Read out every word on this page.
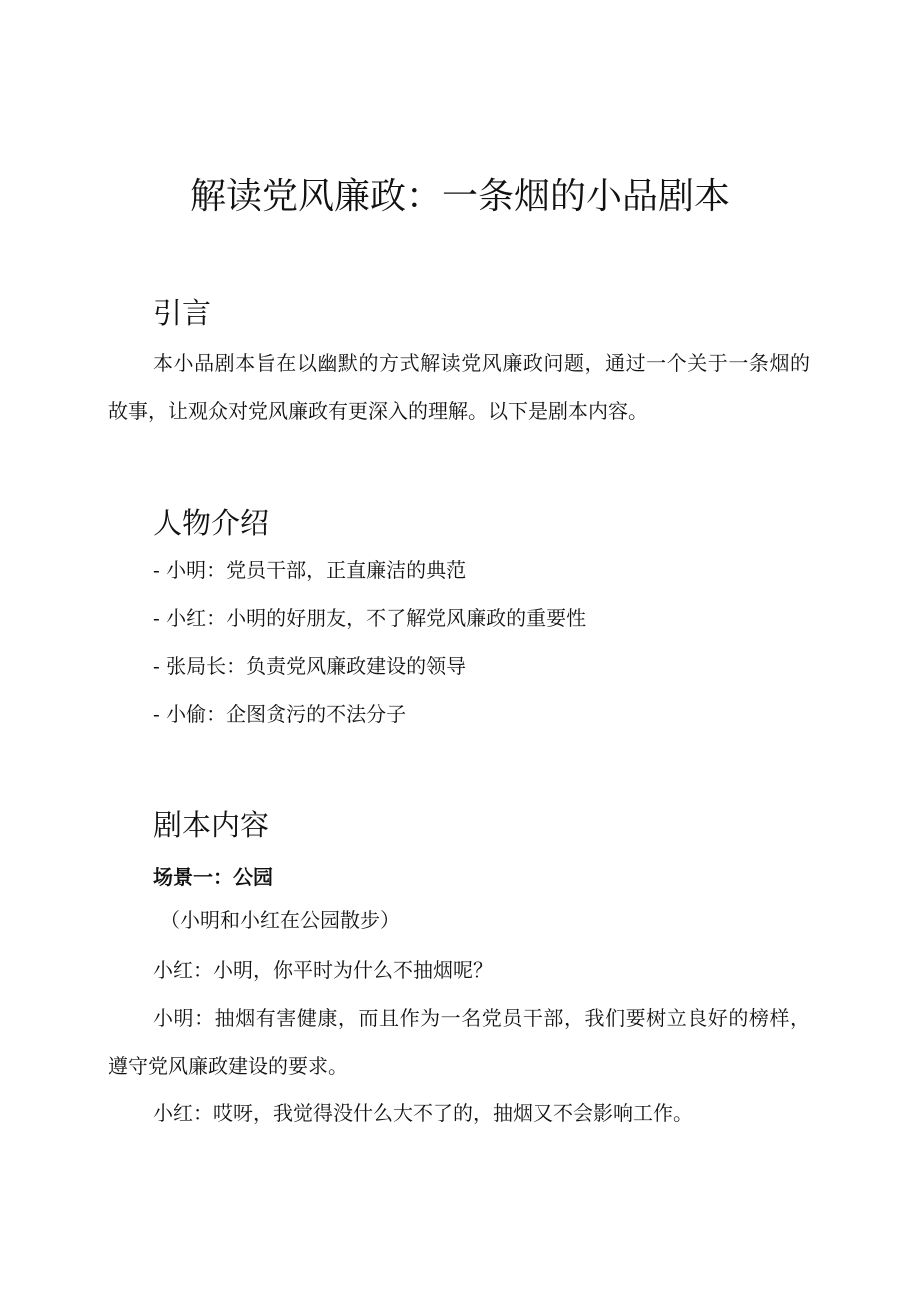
解读党风廉政：一条烟的小品剧本
引言

本小品剧本旨在以幽默的方式解读党风廉政问题，通过一个关于一条烟的故事，让观众对党风廉政有更深入的理解。以下是剧本内容。

人物介绍

- 小明：党员干部，正直廉洁的典范

- 小红：小明的好朋友，不了解党风廉政的重要性

- 张局长：负责党风廉政建设的领导

- 小偷：企图贪污的不法分子

剧本内容

场景一：公园

（小明和小红在公园散步）

小红：小明，你平时为什么不抽烟呢？

小明：抽烟有害健康，而且作为一名党员干部，我们要树立良好的榜样，遵守党风廉政建设的要求。

小红：哎呀，我觉得没什么大不了的，抽烟又不会影响工作。
